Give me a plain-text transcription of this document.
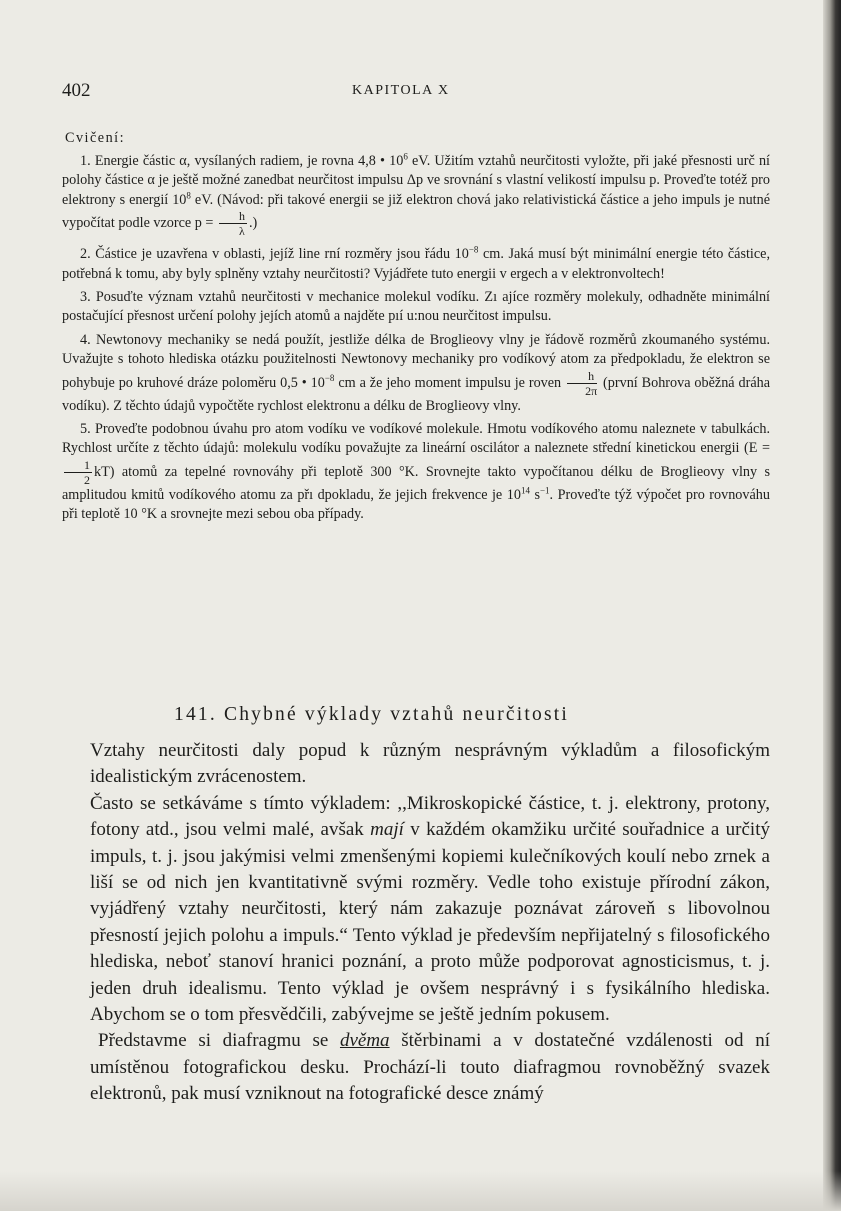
402	KAPITOLA X
Cvičení:

1. Energie částic α, vysílaných radiem, je rovna 4,8 • $10^6$ eV. Užitím vztahů neurčitosti vyložte, při jaké přesnosti urč ní polohy částice α je ještě možné zanedbat neurčitost impulsu Δp ve srovnání s vlastní velikostí impulsu p. Proveďte totéž pro elektrony s energií $10^8$ eV. (Návod: při takové energii se již elektron chová jako relativistická částice a jeho impuls je nutné vypočítat podle vzorce $p = \frac{h}{\lambda}$ .)

2. Částice je uzavřena v oblasti, jejíž line rní rozměry jsou řádu $10^{-8}$ cm. Jaká musí být minimální energie této částice, potřebná k tomu, aby byly splněny vztahy neurčitosti? Vyjádřete tuto energii v ergech a v elektronvoltech!

3. Posuďte význam vztahů neurčitosti v mechanice molekul vodíku. Zı ajíce rozměry molekuly, odhadněte minimální postačující přesnost určení polohy jejích atomů a najděte pıí u:nou neurčitost impulsu.

4. Newtonovy mechaniky se nedá použít, jestliže délka de Broglieovy vlny je řádově rozměrů zkoumaného systému. Uvažujte s tohoto hlediska otázku použitelnosti Newtonovy mechaniky pro vodíkový atom za předpokladu, že elektron se pohybuje po kruhové dráze poloměru 0,5 • $10^{-8}$ cm a že jeho moment impulsu je roven $\frac{h}{2\pi}$ (první Bohrova oběžná dráha vodíku). Z těchto údajů vypočtěte rychlost elektronu a délku de Broglieovy vlny.

5. Proveďte podobnou úvahu pro atom vodíku ve vodíkové molekule. Hmotu vodíkového atomu naleznete v tabulkách. Rychlost určíte z těchto údajů: molekulu vodíku považujte za lineární oscilátor a naleznete střední kinetickou energii (E =
$\frac{1}{2} kT$) atomů za tepelné rovnováhy při teplotě 300 °K. Srovnejte takto vypočítanou délku de Broglieovy vlny s amplitudou kmitů vodíkového atomu za přı dpokladu, že jejich frekvence je $10^{14}$ $s^{-1}$. Proveďte týž výpočet pro rovnováhu při teplotě 10 °K a srovnejte mezi sebou oba případy.

141. Chybné výklady vztahů neurčitosti

Vztahy neurčitosti daly popud k různým nesprávným výkladům a filosofickým idealistickým zvrácenostem.

Často se setkáváme s tímto výkladem: ,,Mikroskopické částice, t. j. elektrony, protony, fotony atd., jsou velmi malé, avšak mají v každém okamžiku určité souřadnice a určitý impuls, t. j. jsou jakýmisi velmi zmenšenými kopiemi kulečníkových koulí nebo zrnek a liší se od nich jen kvantitativně svými rozměry. Vedle toho existuje přírodní zákon, vyjádřený vztahy neurčitosti, který nám zakazuje poznávat zároveň s libovolnou přesností jejich polohu a impuls.“ Tento výklad je především nepřijatelný s filosofického hlediska, neboť stanoví hranici poznání, a proto může podporovat agnosticismus, t. j. jeden druh idealismu. Tento výklad je ovšem nesprávný i s fysikálního hlediska. Abychom se o tom přesvědčili, zabývejme se ještě jedním pokusem.

Představme si diafragmu se dvěma štěrbinami a v dostatečné vzdálenosti od ní umístěnou fotografickou desku. Prochází-li touto diafragmou rovnoběžný svazek elektronů, pak musí vzniknout na fotografické desce známý
